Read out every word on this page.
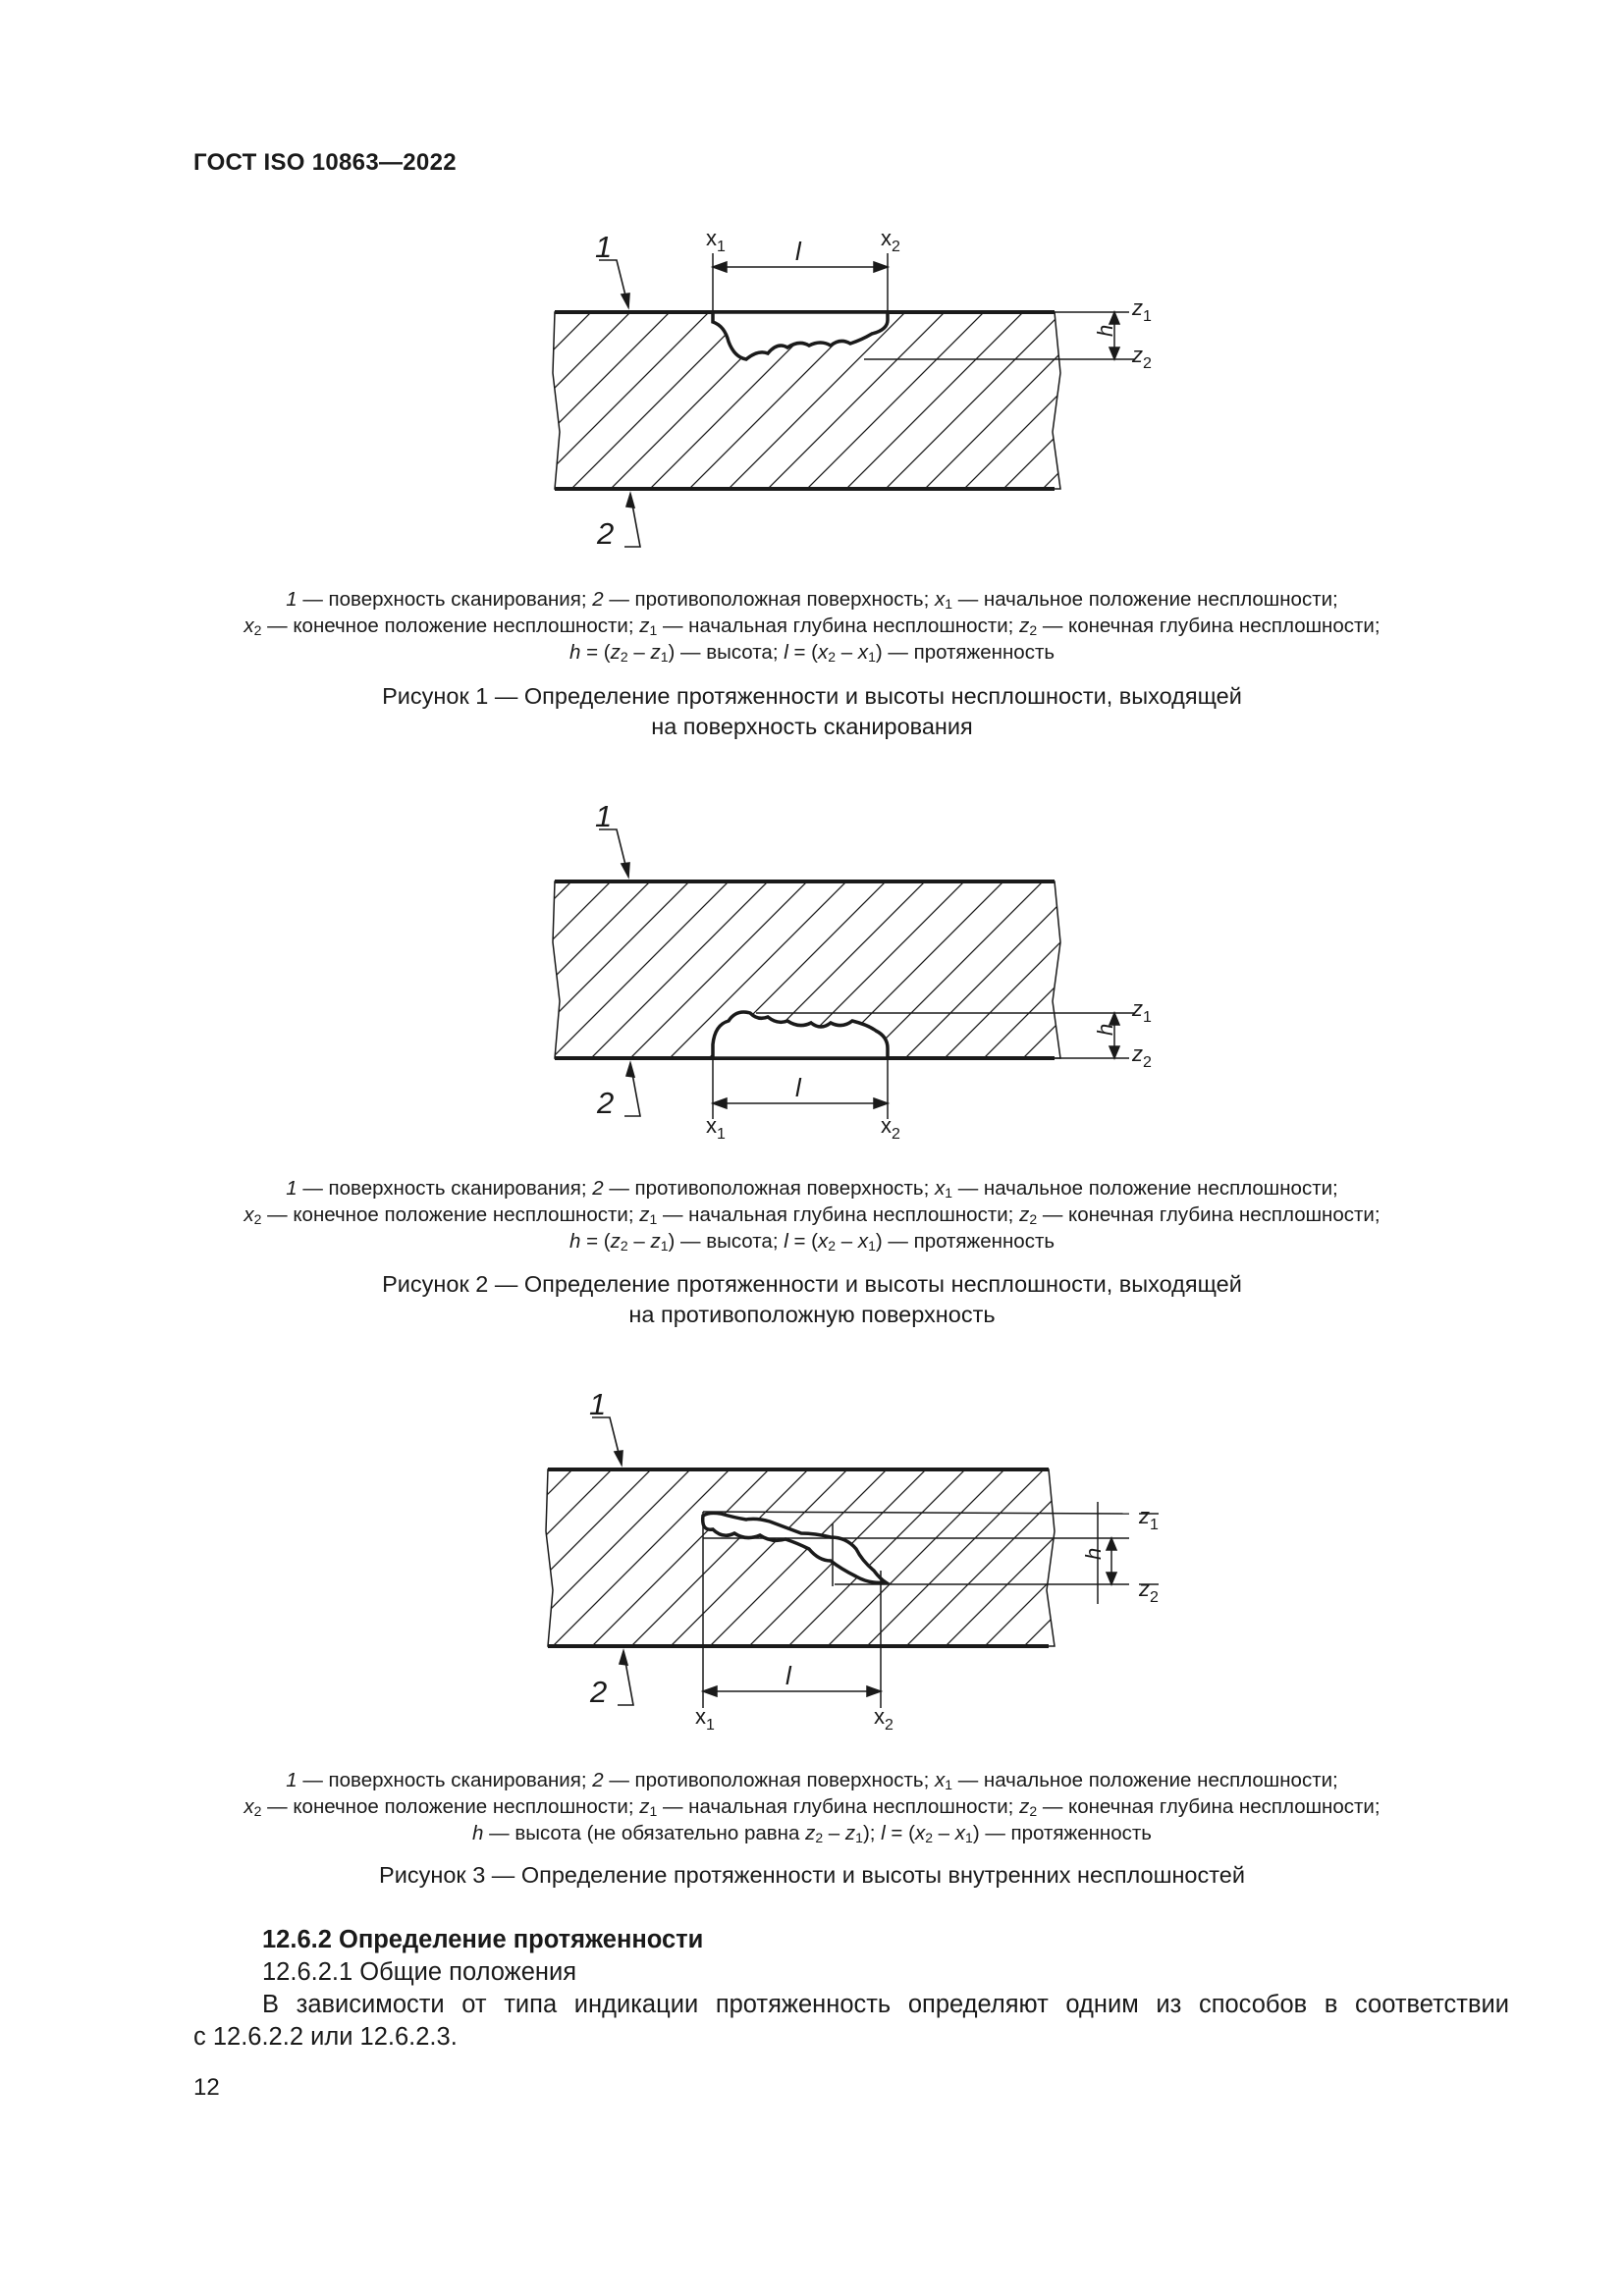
ГОСТ ISO 10863—2022
1
2
$x_1$	$x_2$
l
h
$z_1$
$z_2$
1 — поверхность сканирования; 2 — противоположная поверхность; $x_1$ — начальное положение несплошности;
$x_2$ — конечное положение несплошности; $z_1$ — начальная глубина несплошности; $z_2$ — конечная глубина несплошности;
$h = (z_2 - z_1)$ — высота; $l = (x_2 - x_1)$ — протяженность
Рисунок 1 — Определение протяженности и высоты несплошности, выходящей
на поверхность сканирования
1
2	l
$x_1$	$x_2$
h
$z_1$
$z_2$
1 — поверхность сканирования; 2 — противоположная поверхность; $x_1$ — начальное положение несплошности;
$x_2$ — конечное положение несплошности; $z_1$ — начальная глубина несплошности; $z_2$ — конечная глубина несплошности;
$h = (z_2 - z_1)$ — высота; $l = (x_2 - x_1)$ — протяженность
Рисунок 2 — Определение протяженности и высоты несплошности, выходящей
на противоположную поверхность
1
2	l
$x_1$	$x_2$
h
$z_1$
$z_2$
1 — поверхность сканирования; 2 — противоположная поверхность; $x_1$ — начальное положение несплошности;
$x_2$ — конечное положение несплошности; $z_1$ — начальная глубина несплошности; $z_2$ — конечная глубина несплошности;
h — высота (не обязательно равна $z_2 - z_1$); $l = (x_2 - x_1)$ — протяженность
Рисунок 3 — Определение протяженности и высоты внутренних несплошностей
12.6.2 Определение протяженности
12.6.2.1 Общие положения
В зависимости от типа индикации протяженность определяют одним из способов в соответствии
с 12.6.2.2 или 12.6.2.3.
12
